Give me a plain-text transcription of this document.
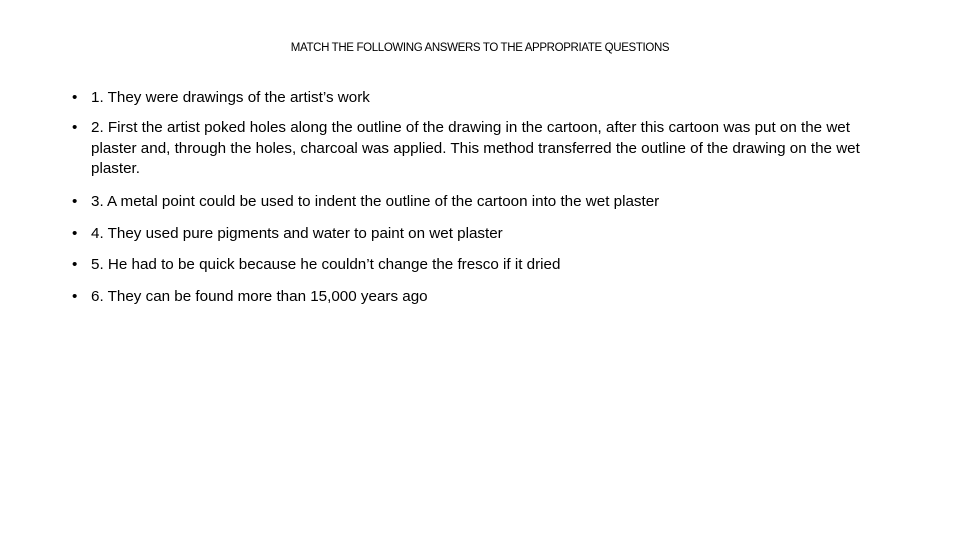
MATCH THE FOLLOWING ANSWERS TO THE APPROPRIATE QUESTIONS
• 1. They were drawings of the artist’s work
• 2. First the artist poked holes along the outline of the drawing in the cartoon, after this cartoon was put on the wet plaster and, through the holes, charcoal was applied. This method transferred the outline of the drawing on the wet plaster.
• 3. A metal point could be used to indent the outline of the cartoon into the wet plaster
• 4. They used pure pigments and water to paint on wet plaster
• 5. He had to be quick because he couldn’t change the fresco if it dried
• 6. They can be found more than 15,000 years ago
